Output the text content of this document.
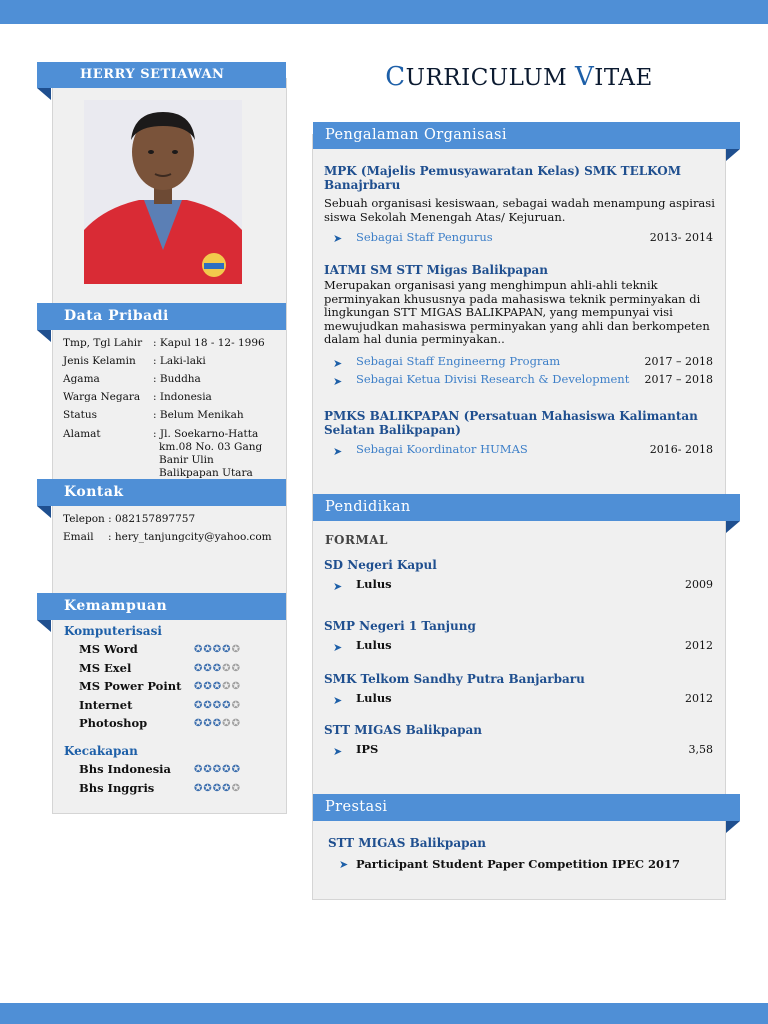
HERRY SETIAWAN
Data Pribadi
Tmp, Tgl Lahir : Kapul 18 - 12- 1996
Jenis Kelamin : Laki-laki
Agama	: Buddha
Warga Negara : Indonesia
Status	: Belum Menikah
Alamat	: Jl. Soekarno-Hatta
km.08 No. 03 Gang
Banir Ulin
Balikpapan Utara
Kontak
Telepon : 082157897757
Email : hery_tanjungcity@yahoo.com
Kemampuan
Komputerisasi
MS Word	✪✪✪✪✪
MS Exel	✪✪✪✪✪
MS Power Point ✪✪✪✪✪
Internet	✪✪✪✪✪
Photoshop	✪✪✪✪✪
Kecakapan
Bhs Indonesia ✪✪✪✪✪
Bhs Inggris	✪✪✪✪✪
CURRICULUM VITAE
Pengalaman Organisasi
MPK (Majelis Pemusyawaratan Kelas) SMK TELKOM Banajrbaru
Sebuah organisasi kesiswaan, sebagai wadah menampung aspirasi siswa Sekolah Menengah Atas/ Kejuruan.
➤ Sebagai Staff Pengurus	2013- 2014
IATMI SM STT Migas Balikpapan
Merupakan organisasi yang menghimpun ahli-ahli teknik perminyakan khususnya pada mahasiswa teknik perminyakan di lingkungan STT MIGAS BALIKPAPAN, yang mempunyai visi mewujudkan mahasiswa perminyakan yang ahli dan berkompeten dalam hal dunia perminyakan..
➤ Sebagai Staff Engineerng Program	2017 – 2018
➤ Sebagai Ketua Divisi Research & Development 2017 – 2018
PMKS BALIKPAPAN (Persatuan Mahasiswa Kalimantan Selatan Balikpapan)
➤ Sebagai Koordinator HUMAS	2016- 2018
Pendidikan
FORMAL
SD Negeri Kapul
➤ Lulus	2009
SMP Negeri 1 Tanjung
➤ Lulus	2012
SMK Telkom Sandhy Putra Banjarbaru
➤ Lulus	2012
STT MIGAS Balikpapan
➤ IPS	3,58
Prestasi
STT MIGAS Balikpapan
➤ Participant Student Paper Competition IPEC 2017
